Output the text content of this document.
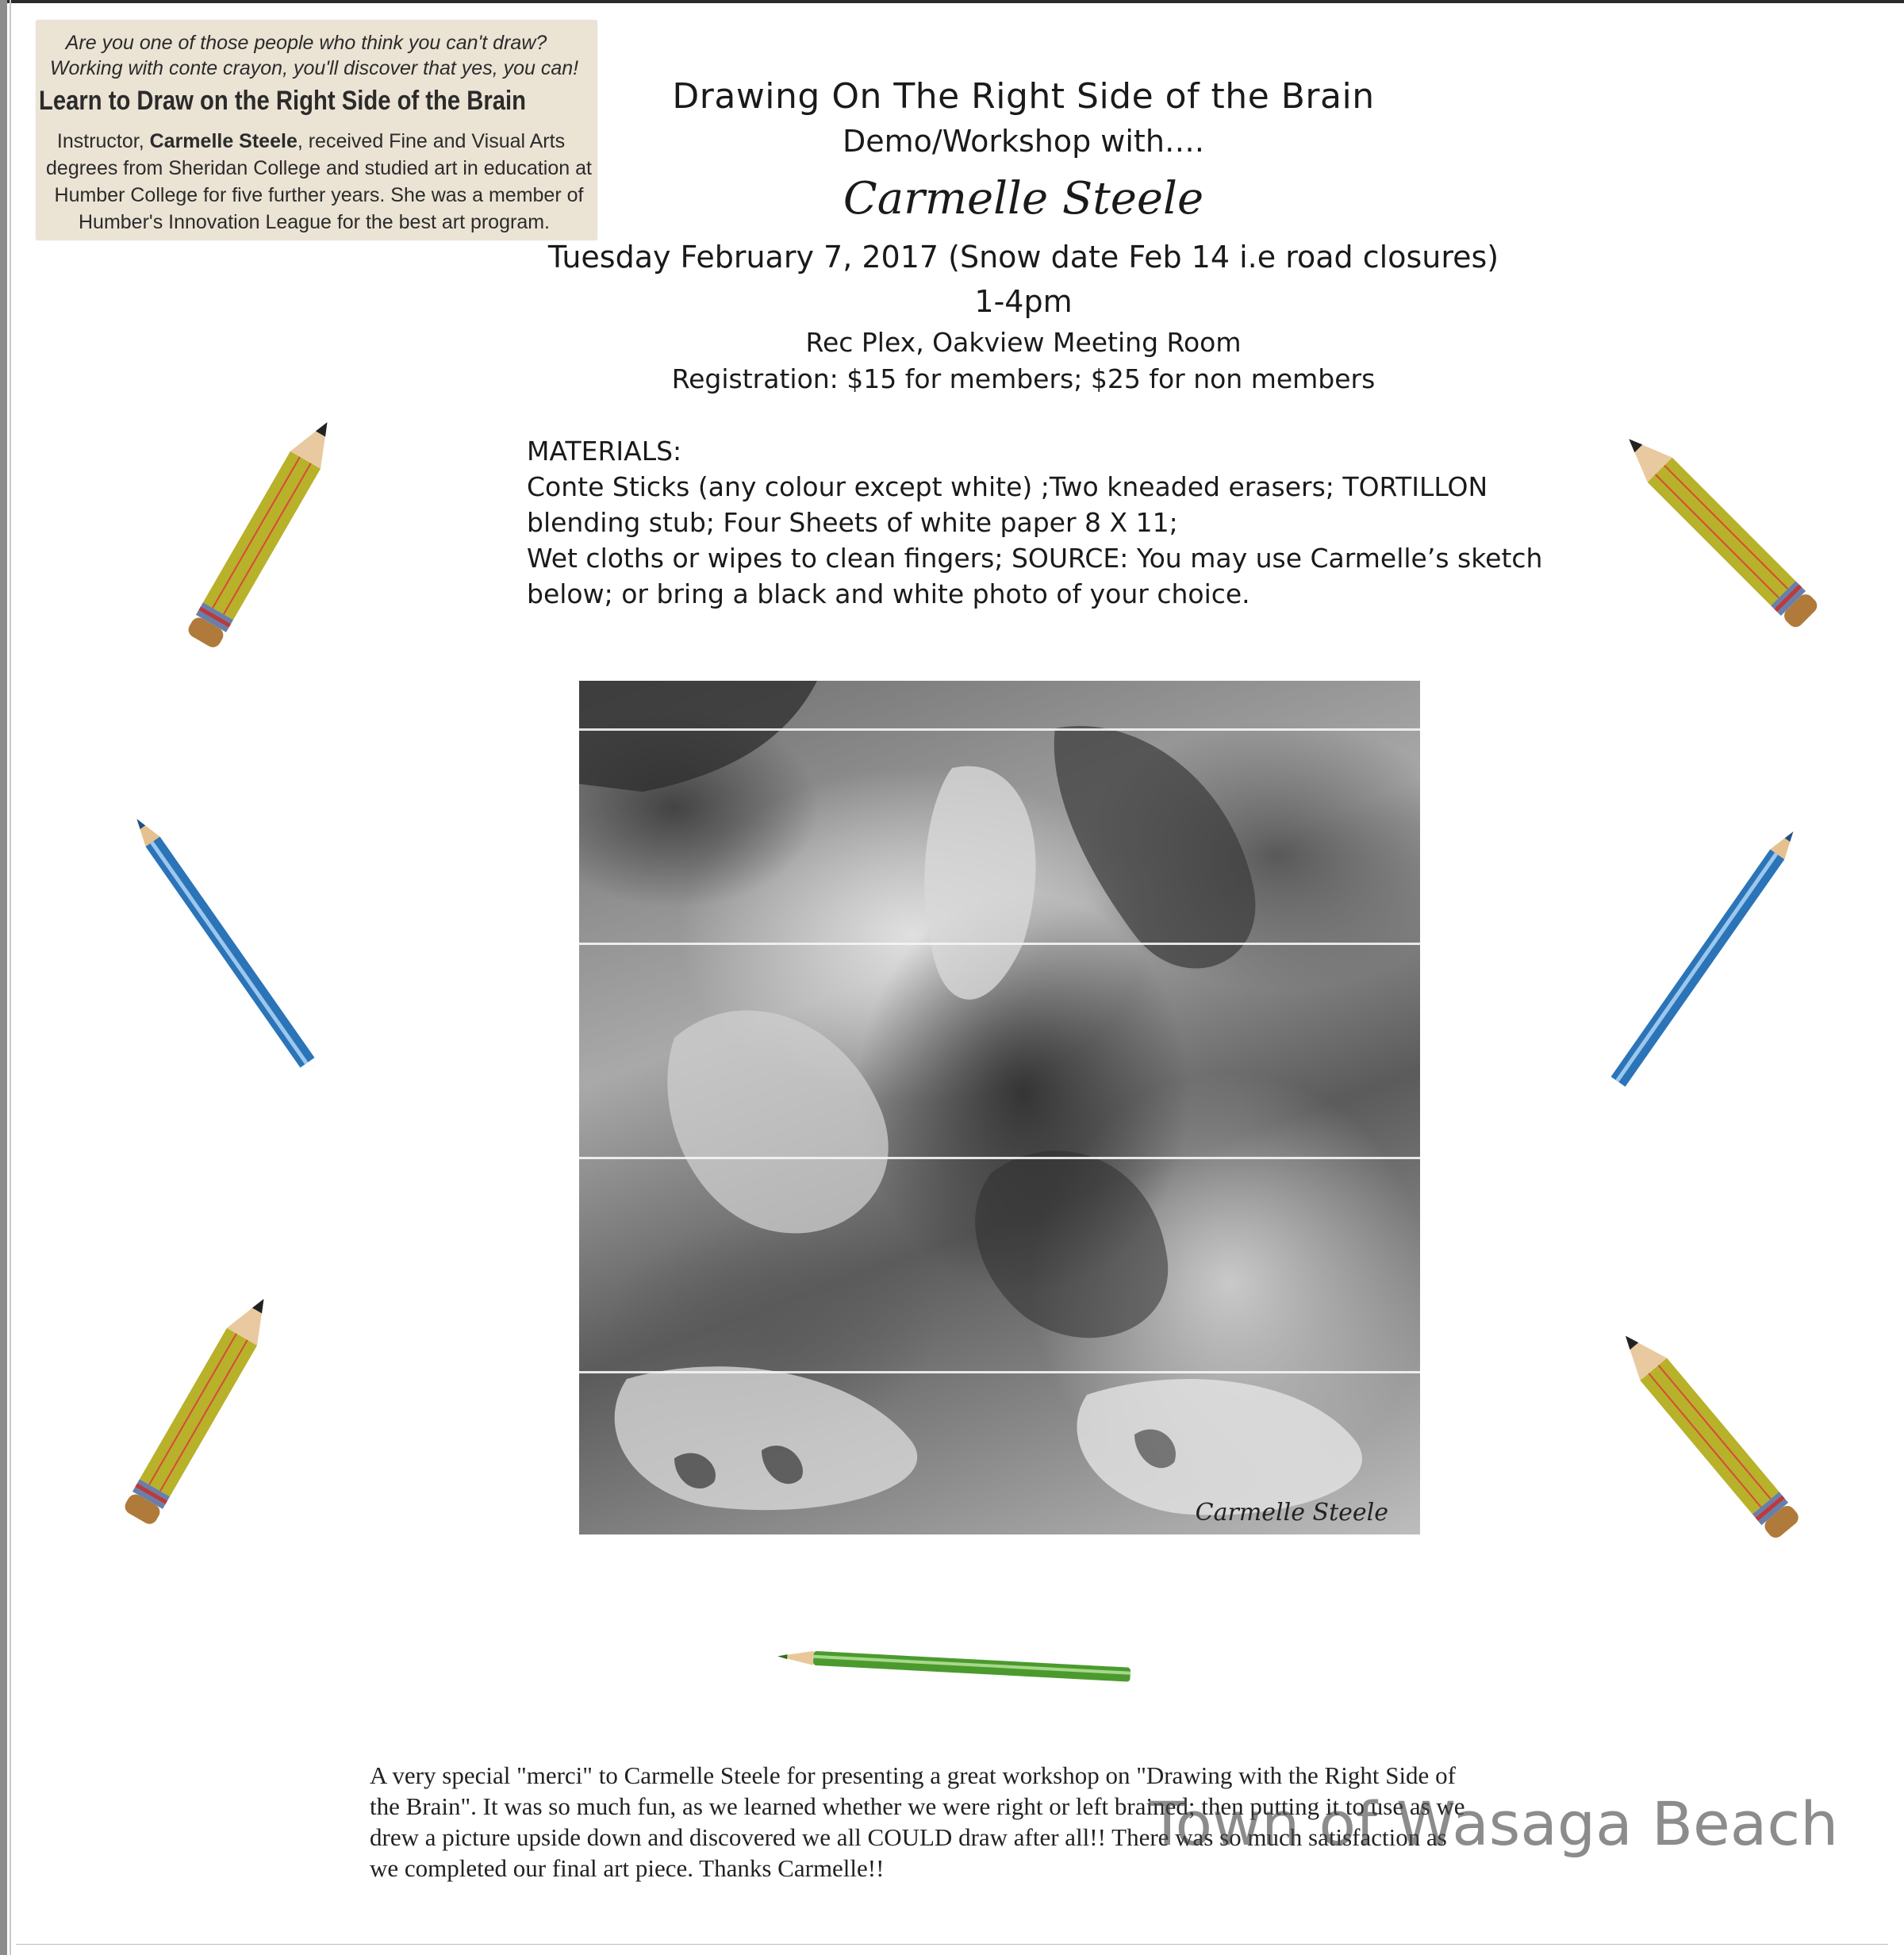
Are you one of those people who think you can't draw?
Working with conte crayon, you'll discover that yes, you can!
Learn to Draw on the Right Side of the Brain
Instructor, Carmelle Steele, received Fine and Visual Arts
degrees from Sheridan College and studied art in education at
Humber College for five further years. She was a member of
Humber's Innovation League for the best art program.
Drawing On The Right Side of the Brain
Demo/Workshop with….
Carmelle Steele
Tuesday February 7, 2017 (Snow date Feb 14 i.e road closures)
1-4pm
Rec Plex, Oakview Meeting Room
Registration: $15 for members; $25 for non members
MATERIALS:
Conte Sticks (any colour except white) ;Two kneaded erasers; TORTILLON
blending stub; Four Sheets of white paper 8 X 11;
Wet cloths or wipes to clean fingers; SOURCE: You may use Carmelle’s sketch
below; or bring a black and white photo of your choice.
Carmelle Steele
A very special "merci" to Carmelle Steele for presenting a great workshop on "Drawing with the Right Side of
the Brain". It was so much fun, as we learned whether we were right or left brained; then putting it to use as we
drew a picture upside down and discovered we all COULD draw after all!! There was so much satisfaction as
we completed our final art piece. Thanks Carmelle!!
Town of Wasaga Beach
